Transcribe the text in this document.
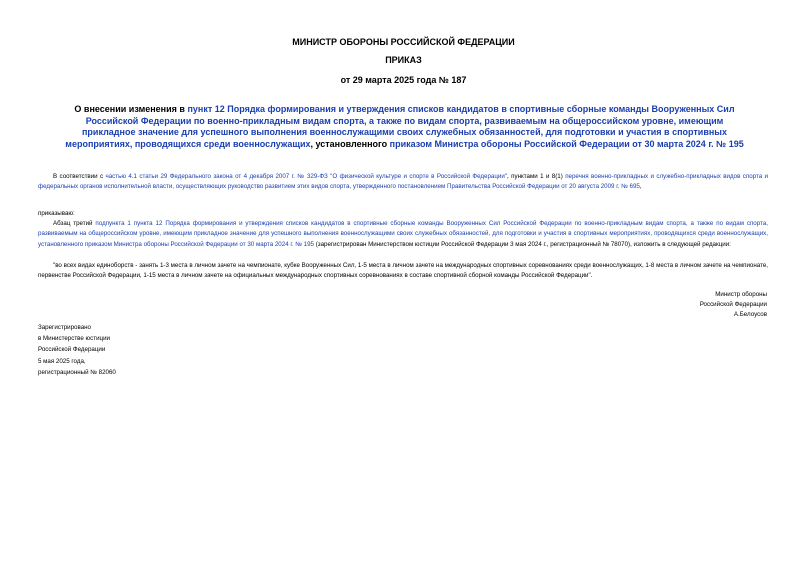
МИНИСТР ОБОРОНЫ РОССИЙСКОЙ ФЕДЕРАЦИИ
ПРИКАЗ
от 29 марта 2025 года № 187
О внесении изменения в пункт 12 Порядка формирования и утверждения списков кандидатов в спортивные сборные команды Вооруженных Сил Российской Федерации по военно-прикладным видам спорта, а также по видам спорта, развиваемым на общероссийском уровне, имеющим прикладное значение для успешного выполнения военнослужащими своих служебных обязанностей, для подготовки и участия в спортивных мероприятиях, проводящихся среди военнослужащих, установленного приказом Министра обороны Российской Федерации от 30 марта 2024 г. № 195
В соответствии с частью 4.1 статьи 29 Федерального закона от 4 декабря 2007 г. № 329-ФЗ "О физической культуре и спорте в Российской Федерации", пунктами 1 и 8(1) перечня военно-прикладных и служебно-прикладных видов спорта и федеральных органов исполнительной власти, осуществляющих руководство развитием этих видов спорта, утвержденного постановлением Правительства Российской Федерации от 20 августа 2009 г. № 695,
приказываю:
Абзац третий подпункта 1 пункта 12 Порядка формирования и утверждения списков кандидатов в спортивные сборные команды Вооруженных Сил Российской Федерации по военно-прикладным видам спорта, а также по видам спорта, развиваемым на общероссийском уровне, имеющим прикладное значение для успешного выполнения военнослужащими своих служебных обязанностей, для подготовки и участия в спортивных мероприятиях, проводящихся среди военнослужащих, установленного приказом Министра обороны Российской Федерации от 30 марта 2024 г. № 195 (зарегистрирован Министерством юстиции Российской Федерации 3 мая 2024 г., регистрационный № 78070), изложить в следующей редакции:
"во всех видах единоборств - занять 1-3 места в личном зачете на чемпионате, кубке Вооруженных Сил, 1-5 места в личном зачете на международных спортивных соревнованиях среди военнослужащих, 1-8 места в личном зачете на чемпионате, первенстве Российской Федерации, 1-15 места в личном зачете на официальных международных спортивных соревнованиях в составе спортивной сборной команды Российской Федерации".
Министр обороны
Российской Федерации
А.Белоусов
Зарегистрировано
в Министерстве юстиции
Российской Федерации
5 мая 2025 года,
регистрационный № 82060
